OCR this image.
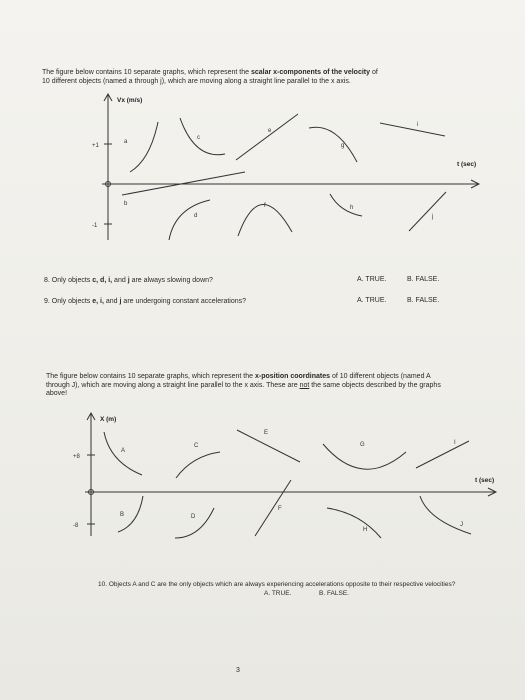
The figure below contains 10 separate graphs, which represent the scalar x-components of the velocity of
10 different objects (named a through j), which are moving along a straight line parallel to the x axis.
Vx (m/s)
t (sec)
+1
-1
a
b
c
d
e
f
g
h
i
j
8. Only objects c, d, i, and j are always slowing down?	A. TRUE.	B. FALSE.
9. Only objects e, i, and j are undergoing constant accelerations?	A. TRUE.	B. FALSE.
The figure below contains 10 separate graphs, which represent the x-position coordinates of 10 different objects (named A
through J), which are moving along a straight line parallel to the x axis. These are not the same objects described by the graphs
above!
X (m)
t (sec)
+8
-8
A
B
C
D
E
F
G
H
I
J
10. Objects A and C are the only objects which are always experiencing accelerations opposite to their respective velocities?
A. TRUE.	B. FALSE.
3
